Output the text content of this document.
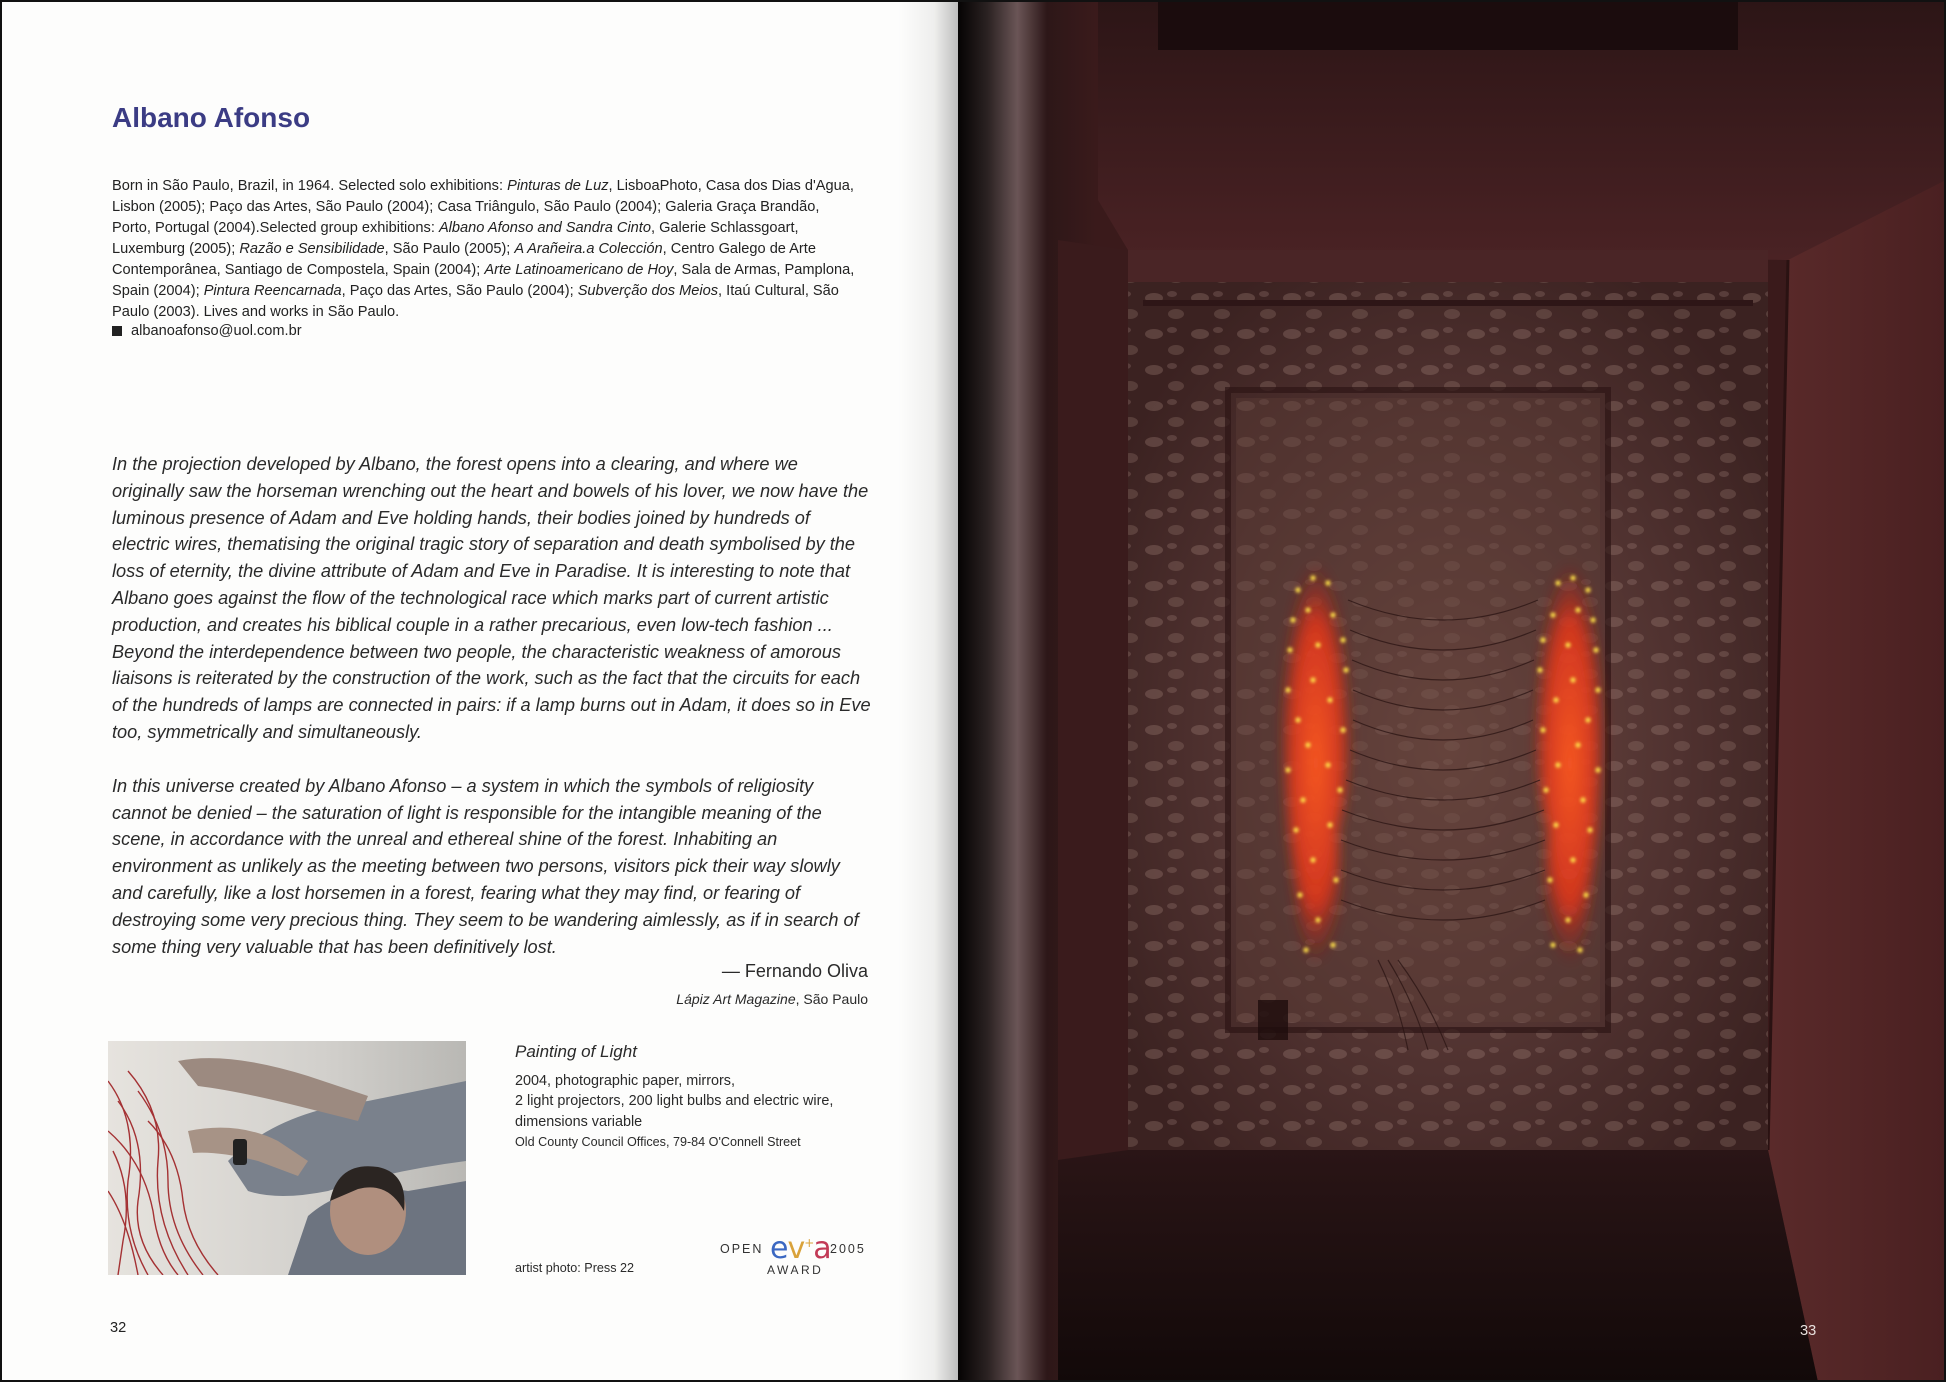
Albano Afonso
Born in São Paulo, Brazil, in 1964. Selected solo exhibitions: Pinturas de Luz, LisboaPhoto, Casa dos Dias d'Agua, Lisbon (2005); Paço das Artes, São Paulo (2004); Casa Triângulo, São Paulo (2004); Galeria Graça Brandão, Porto, Portugal (2004).Selected group exhibitions: Albano Afonso and Sandra Cinto, Galerie Schlassgoart, Luxemburg (2005); Razão e Sensibilidade, São Paulo (2005); A Arañeira.a Colección, Centro Galego de Arte Contemporânea, Santiago de Compostela, Spain (2004); Arte Latinoamericano de Hoy, Sala de Armas, Pamplona, Spain (2004); Pintura Reencarnada, Paço das Artes, São Paulo (2004); Subverção dos Meios, Itaú Cultural, São Paulo (2003). Lives and works in São Paulo.
albanoafonso@uol.com.br

In the projection developed by Albano, the forest opens into a clearing, and where we originally saw the horseman wrenching out the heart and bowels of his lover, we now have the luminous presence of Adam and Eve holding hands, their bodies joined by hundreds of electric wires, thematising the original tragic story of separation and death symbolised by the loss of eternity, the divine attribute of Adam and Eve in Paradise. It is interesting to note that Albano goes against the flow of the technological race which marks part of current artistic production, and creates his biblical couple in a rather precarious, even low-tech fashion ... Beyond the interdependence between two people, the characteristic weakness of amorous liaisons is reiterated by the construction of the work, such as the fact that the circuits for each of the hundreds of lamps are connected in pairs: if a lamp burns out in Adam, it does so in Eve too, symmetrically and simultaneously.

In this universe created by Albano Afonso – a system in which the symbols of religiosity cannot be denied – the saturation of light is responsible for the intangible meaning of the scene, in accordance with the unreal and ethereal shine of the forest. Inhabiting an environment as unlikely as the meeting between two persons, visitors pick their way slowly and carefully, like a lost horsemen in a forest, fearing what they may find, or fearing of destroying some very precious thing. They seem to be wandering aimlessly, as if in search of some thing very valuable that has been definitively lost.

— Fernando Oliva
Lápiz Art Magazine, São Paulo
Painting of Light
2004, photographic paper, mirrors,
2 light projectors, 200 light bulbs and electric wire,
dimensions variable
Old County Council Offices, 79-84 O'Connell Street
artist photo: Press 22
OPEN ev+a 2005
AWARD
32	33
